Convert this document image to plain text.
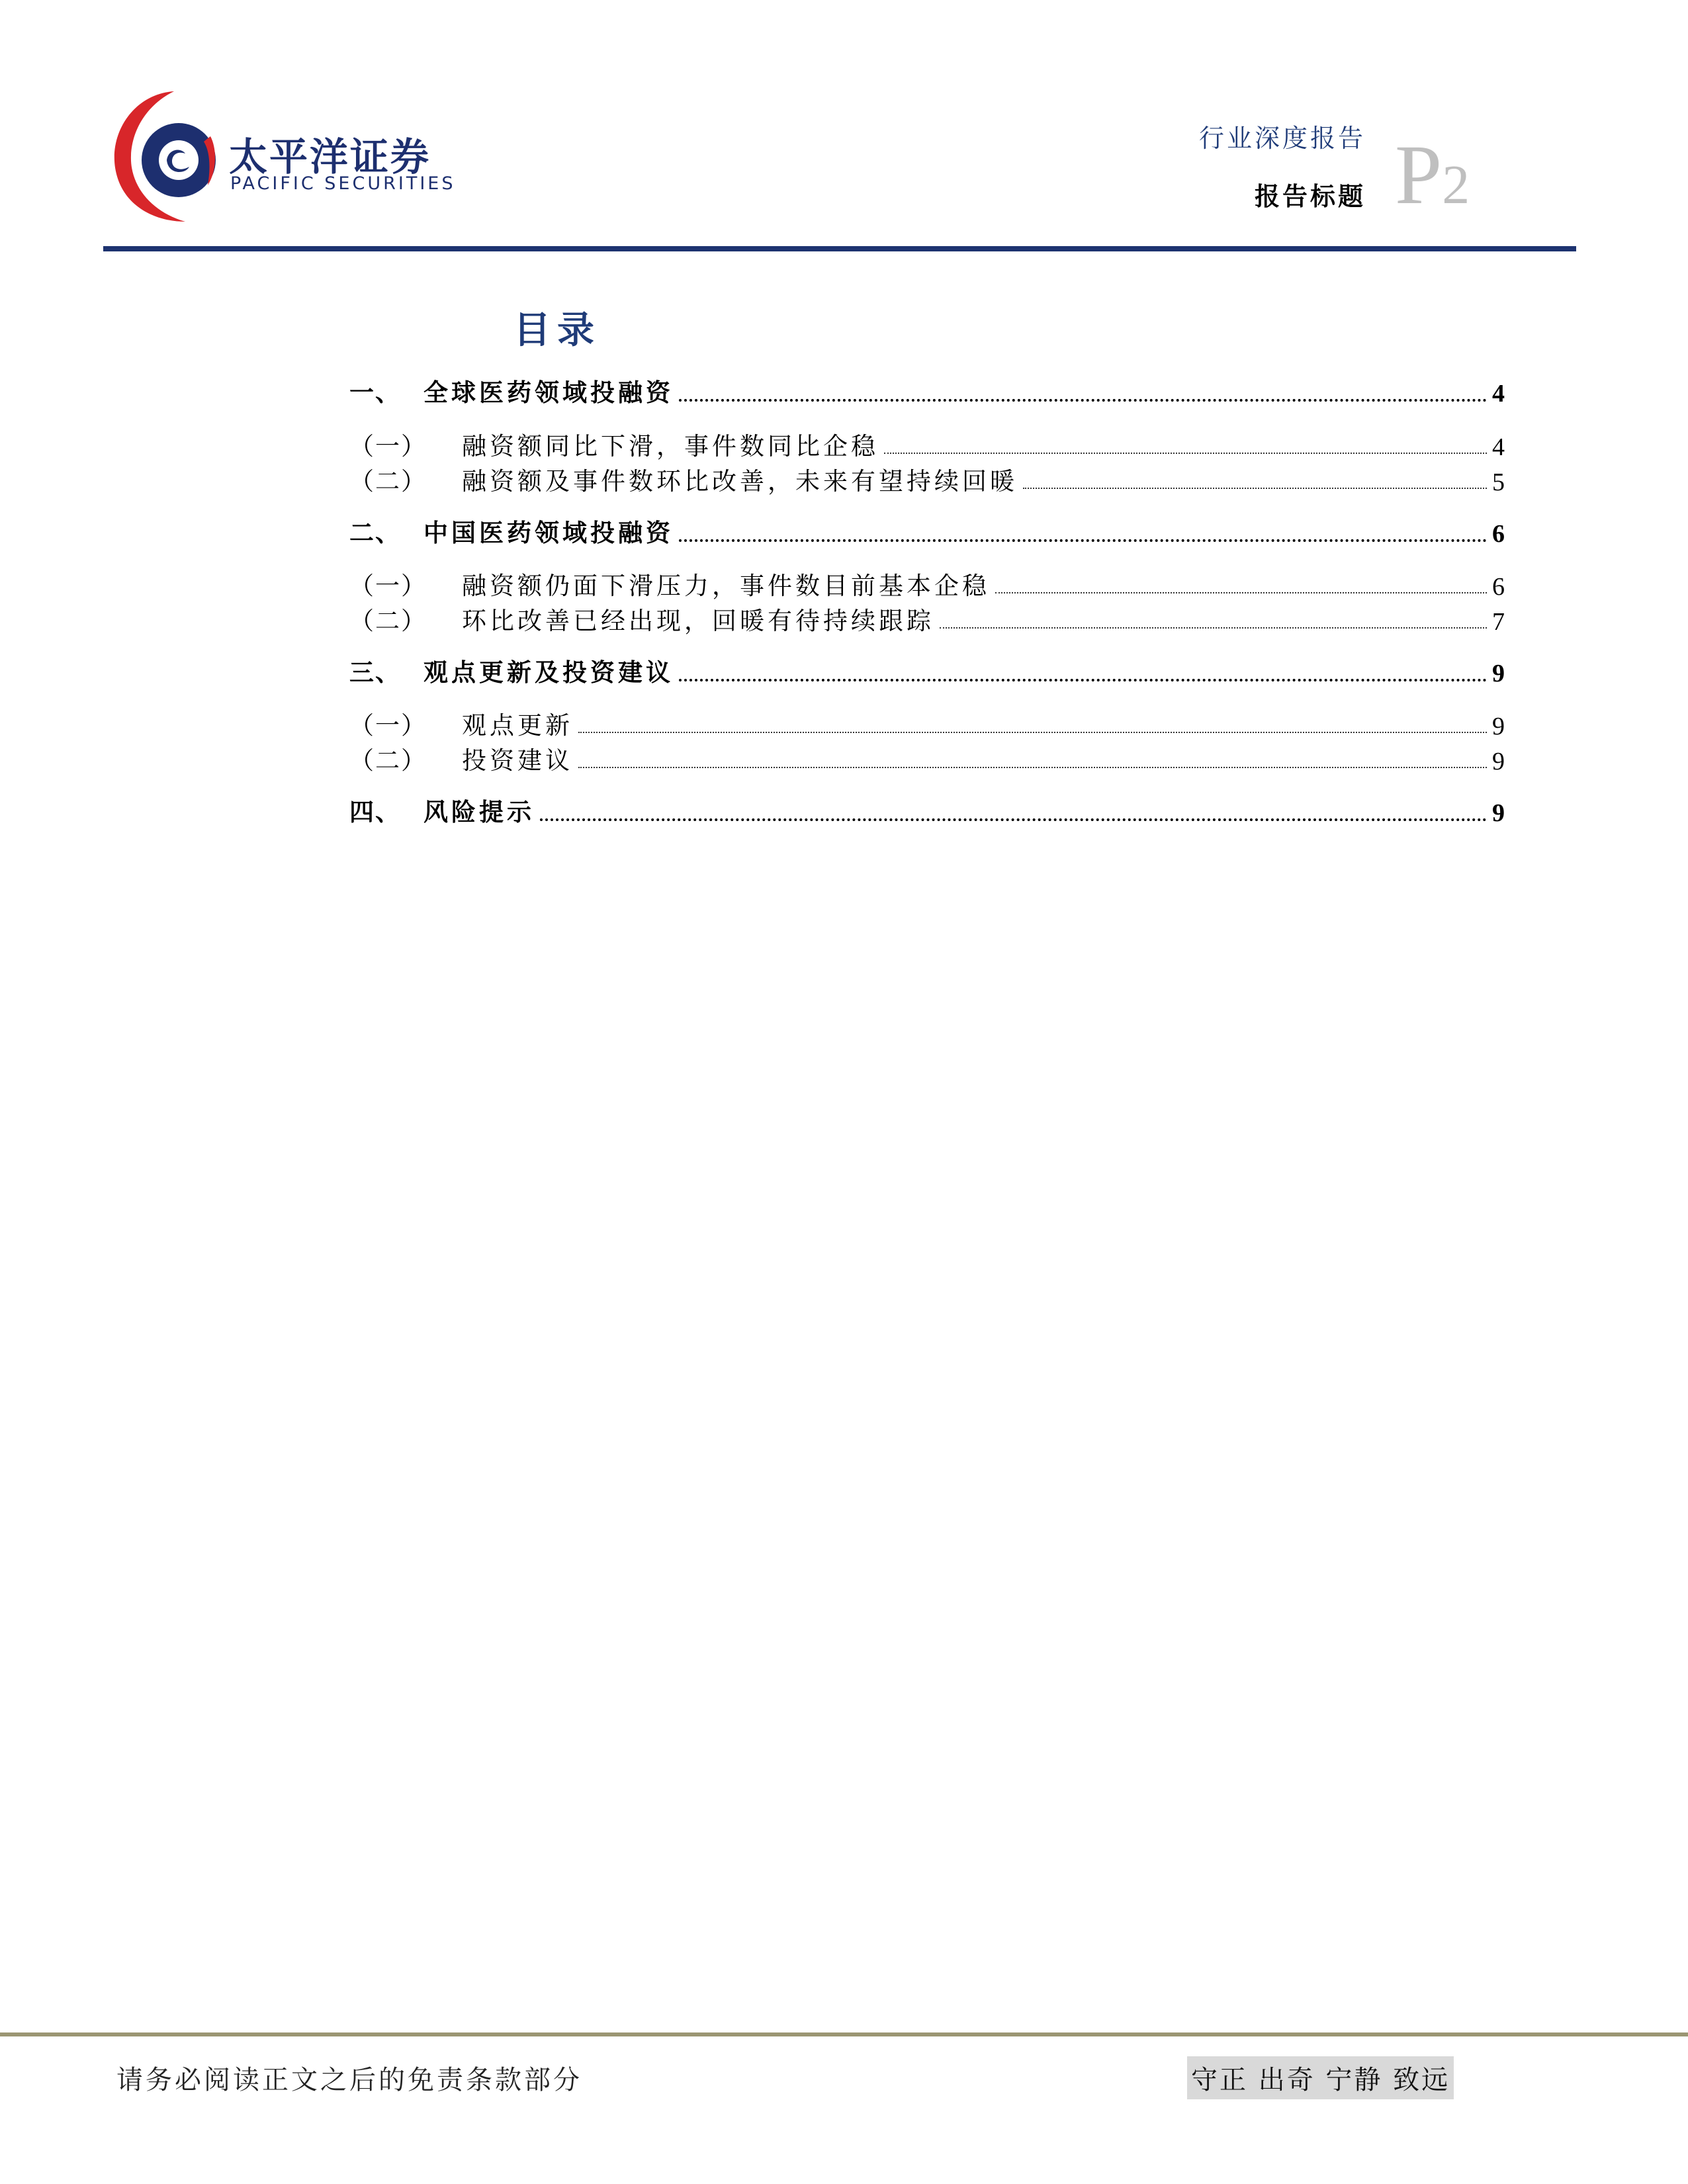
太平洋证券
PACIFIC SECURITIES
行业深度报告
报告标题 P2
目录
一、 全球医药领域投融资	4
（一）	融资额同比下滑，事件数同比企稳	4
（二）	融资额及事件数环比改善，未来有望持续回暖	5
二、 中国医药领域投融资	6
（一）	融资额仍面下滑压力，事件数目前基本企稳	6
（二）	环比改善已经出现，回暖有待持续跟踪	7
三、 观点更新及投资建议	9
（一）	观点更新	9
（二）	投资建议	9
四、 风险提示	9
请务必阅读正文之后的免责条款部分	守正 出奇 宁静 致远
